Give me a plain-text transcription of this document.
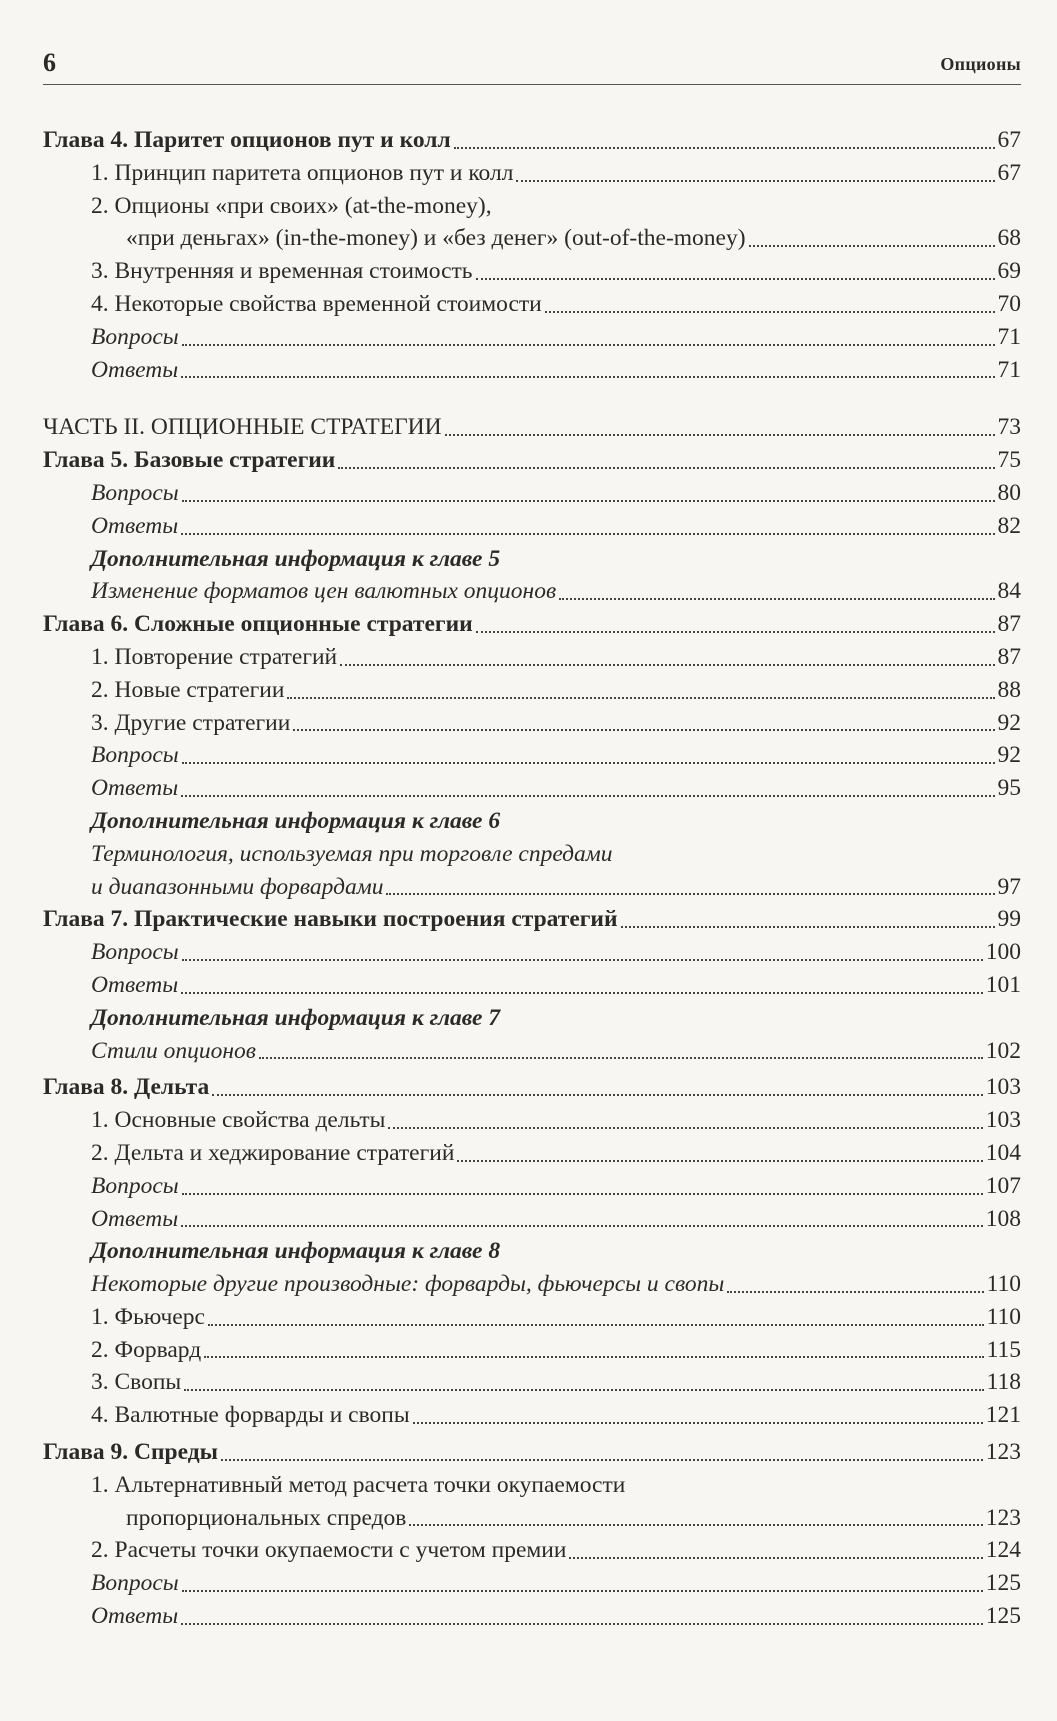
6	Опционы
Глава 4. Паритет опционов пут и колл	67
1. Принцип паритета опционов пут и колл	67
2. Опционы «при своих» (at-the-money),
«при деньгах» (in-the-money) и «без денег» (out-of-the-money)	68
3. Внутренняя и временная стоимость	69
4. Некоторые свойства временной стоимости	70
Вопросы	71
Ответы	71
ЧАСТЬ II. ОПЦИОННЫЕ СТРАТЕГИИ	73
Глава 5. Базовые стратегии	75
Вопросы	80
Ответы	82
Дополнительная информация к главе 5
Изменение форматов цен валютных опционов	84
Глава 6. Сложные опционные стратегии	87
1. Повторение стратегий	87
2. Новые стратегии	88
3. Другие стратегии	92
Вопросы	92
Ответы	95
Дополнительная информация к главе 6
Терминология, используемая при торговле спредами
и диапазонными форвардами	97
Глава 7. Практические навыки построения стратегий	99
Вопросы	100
Ответы	101
Дополнительная информация к главе 7
Стили опционов	102
Глава 8. Дельта	103
1. Основные свойства дельты	103
2. Дельта и хеджирование стратегий	104
Вопросы	107
Ответы	108
Дополнительная информация к главе 8
Некоторые другие производные: форварды, фьючерсы и свопы	110
1. Фьючерс	110
2. Форвард	115
3. Свопы	118
4. Валютные форварды и свопы	121
Глава 9. Спреды	123
1. Альтернативный метод расчета точки окупаемости
пропорциональных спредов	123
2. Расчеты точки окупаемости с учетом премии	124
Вопросы	125
Ответы	125
